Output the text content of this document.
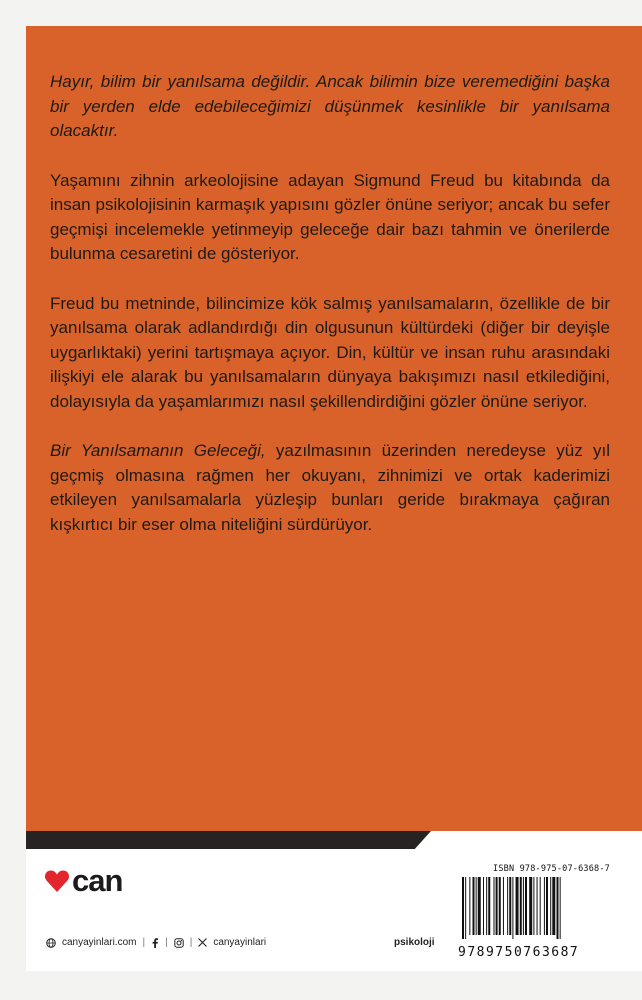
Hayır, bilim bir yanılsama değildir. Ancak bilimin bize veremediğini başka bir yerden elde edebileceğimizi düşünmek kesinlikle bir yanılsama olacaktır.

Yaşamını zihnin arkeolojisine adayan Sigmund Freud bu kitabında da insan psikolojisinin karmaşık yapısını gözler önüne seriyor; ancak bu sefer geçmişi incelemekle yetinmeyip geleceğe dair bazı tahmin ve önerilerde bulunma cesaretini de gösteriyor.

Freud bu metninde, bilincimize kök salmış yanılsamaların, özellikle de bir yanılsama olarak adlandırdığı din olgusunun kültürdeki (diğer bir deyişle uygarlıktaki) yerini tartışmaya açıyor. Din, kültür ve insan ruhu arasındaki ilişkiyi ele alarak bu yanılsamaların dünyaya bakışımızı nasıl etkilediğini, dolayısıyla da yaşamlarımızı nasıl şekillendirdiğini gözler önüne seriyor.

Bir Yanılsamanın Geleceği, yazılmasının üzerinden neredeyse yüz yıl geçmiş olmasına rağmen her okuyanı, zihnimizi ve ortak kaderimizi etkileyen yanılsamalarla yüzleşip bunları geride bırakmaya çağıran kışkırtıcı bir eser olma niteliğini sürdürüyor.

can
canyayinlari.com | | | canyayinlari	psikoloji
ISBN 978-975-07-6368-7
9789750763687
